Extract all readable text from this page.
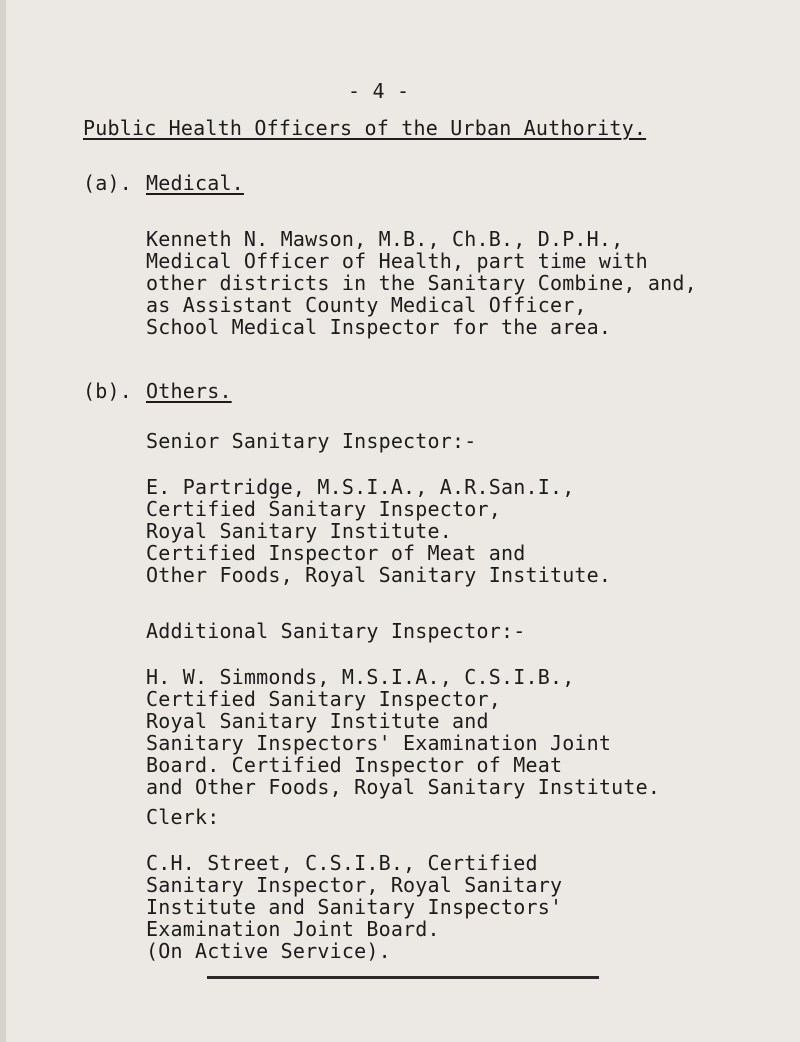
- 4 -
Public Health Officers of the Urban Authority.
(a). Medical.
Kenneth N. Mawson, M.B., Ch.B., D.P.H.,
Medical Officer of Health, part time with
other districts in the Sanitary Combine, and,
as Assistant County Medical Officer,
School Medical Inspector for the area.
(b). Others.
Senior Sanitary Inspector:-
E. Partridge, M.S.I.A., A.R.San.I.,
Certified Sanitary Inspector,
Royal Sanitary Institute.
Certified Inspector of Meat and
Other Foods, Royal Sanitary Institute.
Additional Sanitary Inspector:-
H. W. Simmonds, M.S.I.A., C.S.I.B.,
Certified Sanitary Inspector,
Royal Sanitary Institute and
Sanitary Inspectors' Examination Joint
Board. Certified Inspector of Meat
and Other Foods, Royal Sanitary Institute.
Clerk:
C.H. Street, C.S.I.B., Certified
Sanitary Inspector, Royal Sanitary
Institute and Sanitary Inspectors'
Examination Joint Board.
(On Active Service).
